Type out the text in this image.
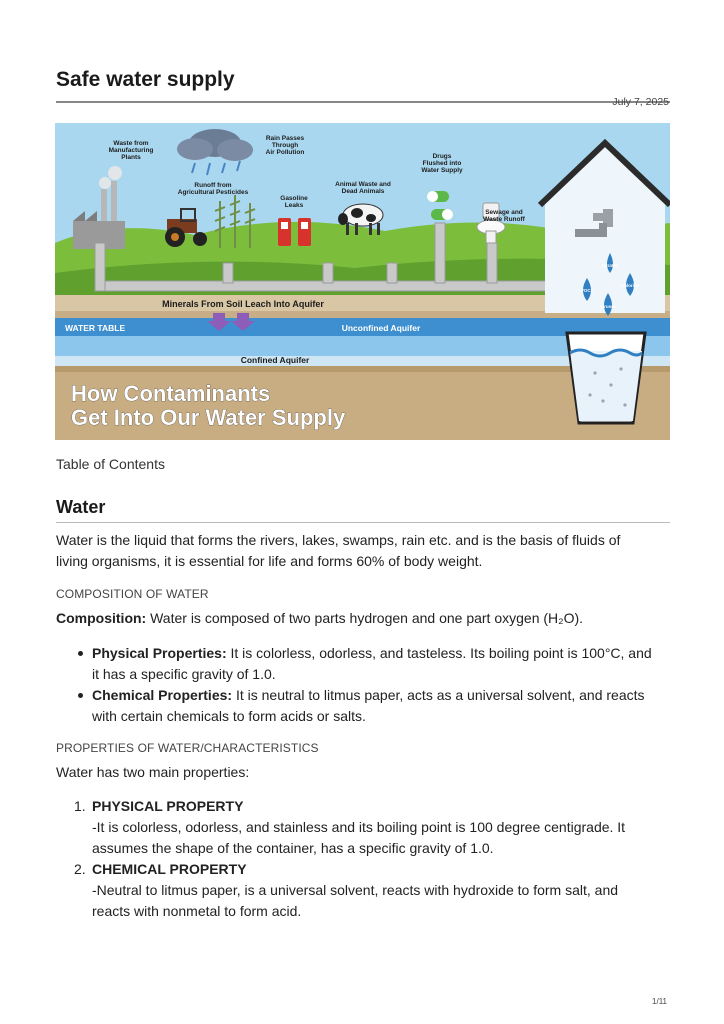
Safe water supply
July 7, 2025
Waste from Manufacturing Plants
Runoff from Agricultural Pesticides
Rain Passes Through Air Pollution
Gasoline Leaks
Animal Waste and Dead Animals
Drugs Flushed into Water Supply
Sewage and Waste Runoff
Minerals From Soil Leach Into Aquifer
WATER TABLE	Unconfined Aquifer
Confined Aquifer
Nitrates
VOCs
Chlorine
Viruses
How Contaminants
Get Into Our Water Supply
Table of Contents
Water

Water is the liquid that forms the rivers, lakes, swamps, rain etc. and is the basis of fluids of living organisms, it is essential for life and forms 60% of body weight.

COMPOSITION OF WATER

Composition: Water is composed of two parts hydrogen and one part oxygen (H₂O).

Physical Properties: It is colorless, odorless, and tasteless. Its boiling point is 100°C, and it has a specific gravity of 1.0.
Chemical Properties: It is neutral to litmus paper, acts as a universal solvent, and reacts with certain chemicals to form acids or salts.
PROPERTIES OF WATER/CHARACTERISTICS

Water has two main properties:

1. PHYSICAL PROPERTY
-It is colorless, odorless, and stainless and its boiling point is 100 degree centigrade. It assumes the shape of the container, has a specific gravity of 1.0.
2. CHEMICAL PROPERTY
-Neutral to litmus paper, is a universal solvent, reacts with hydroxide to form salt, and reacts with nonmetal to form acid.
1/11
